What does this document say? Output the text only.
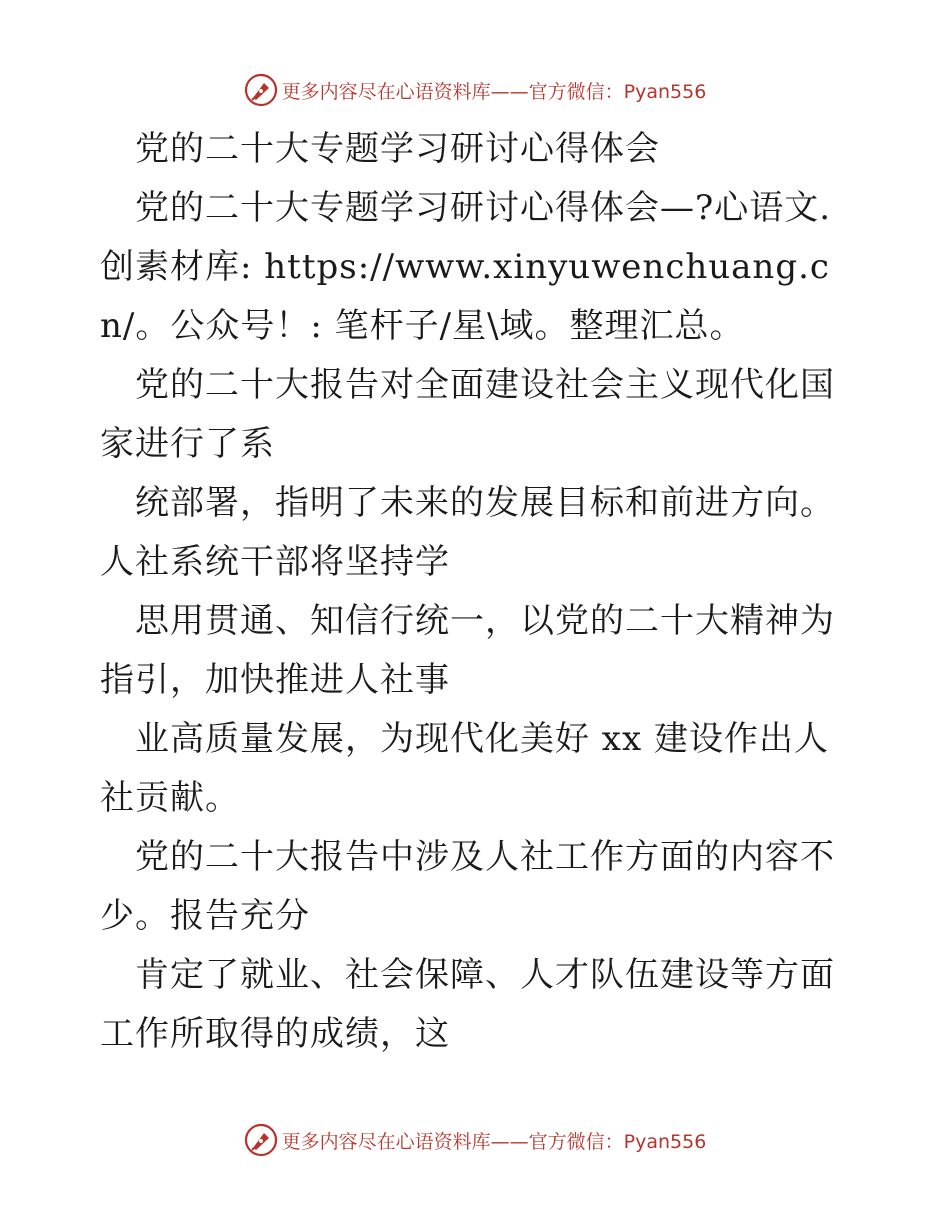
更多内容尽在心语资料库——官方微信：Pyan556

党的二十大专题学习研讨心得体会

党的二十大专题学习研讨心得体会—?心语文.创素材库: https://www.xinyuwenchuang.cn/。公众号！: 笔杆子/星\域。整理汇总。

党的二十大报告对全面建设社会主义现代化国家进行了系

统部署，指明了未来的发展目标和前进方向。人社系统干部将坚持学

思用贯通、知信行统一，以党的二十大精神为指引，加快推进人社事

业高质量发展，为现代化美好 xx 建设作出人社贡献。

党的二十大报告中涉及人社工作方面的内容不少。报告充分

肯定了就业、社会保障、人才队伍建设等方面工作所取得的成绩，这

更多内容尽在心语资料库——官方微信：Pyan556
